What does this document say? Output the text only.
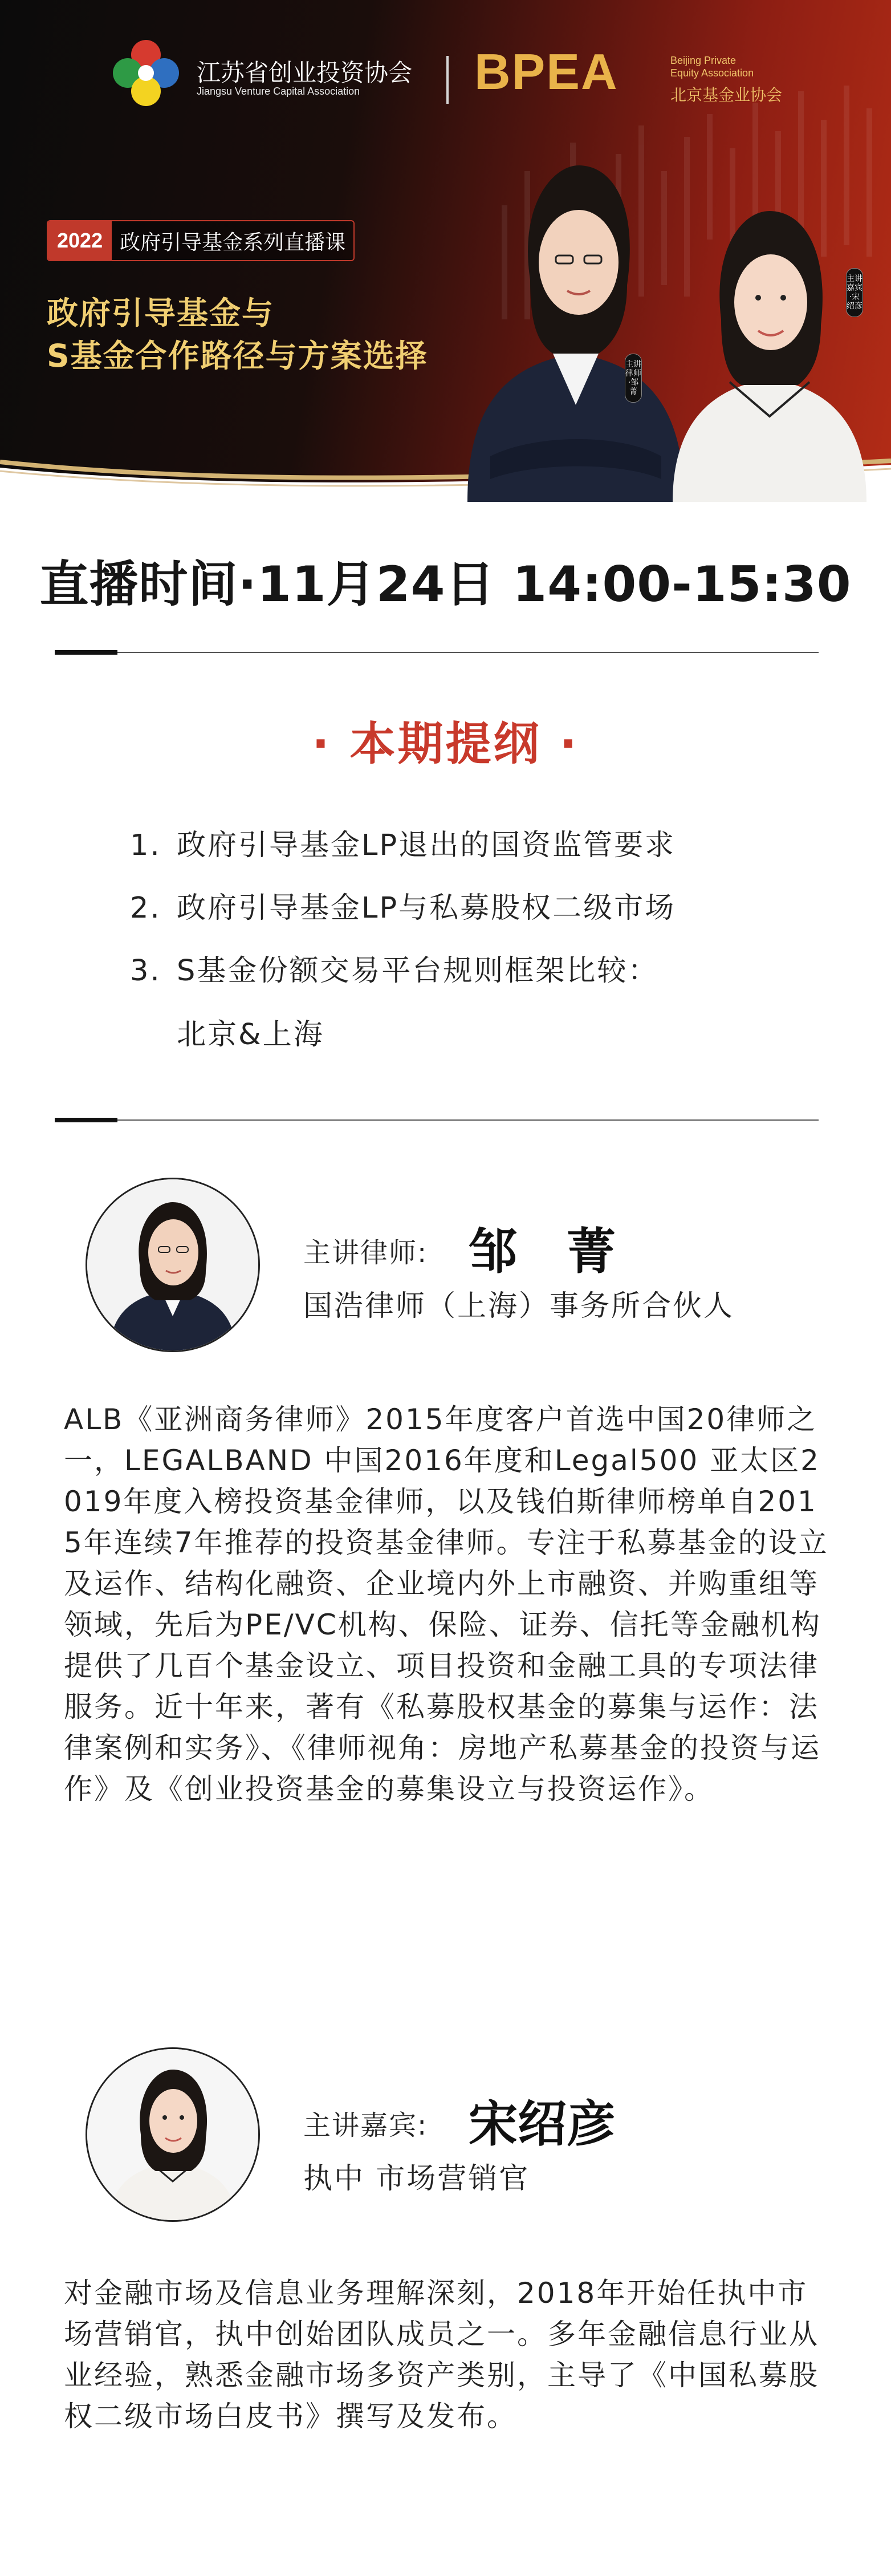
江苏省创业投资协会
Jiangsu Venture Capital Association BPEA	Beijing Private
Equity Association
北京基金业协会
2022 政府引导基金系列直播课
政府引导基金与
S基金合作路径与方案选择	主讲律师·邹菁
主讲嘉宾·宋绍彦
直播时间·11月24日 14:00-15:30
· 本期提纲 ·
1. 政府引导基金LP退出的国资监管要求
2. 政府引导基金LP与私募股权二级市场
3. S基金份额交易平台规则框架比较：
北京&上海
主讲律师: 邹　菁
国浩律师（上海）事务所合伙人
ALB《亚洲商务律师》2015年度客户首选中国20律师之一，LEGALBAND 中国2016年度和Legal500 亚太区2019年度入榜投资基金律师，以及钱伯斯律师榜单自2015年连续7年推荐的投资基金律师。专注于私募基金的设立及运作、结构化融资、企业境内外上市融资、并购重组等领域，先后为PE/VC机构、保险、证券、信托等金融机构提供了几百个基金设立、项目投资和金融工具的专项法律服务。近十年来，著有《私募股权基金的募集与运作：法律案例和实务》、《律师视角：房地产私募基金的投资与运作》及《创业投资基金的募集设立与投资运作》。
主讲嘉宾: 宋绍彦
执中 市场营销官
对金融市场及信息业务理解深刻，2018年开始任执中市场营销官，执中创始团队成员之一。多年金融信息行业从业经验，熟悉金融市场多资产类别，主导了《中国私募股权二级市场白皮书》撰写及发布。
